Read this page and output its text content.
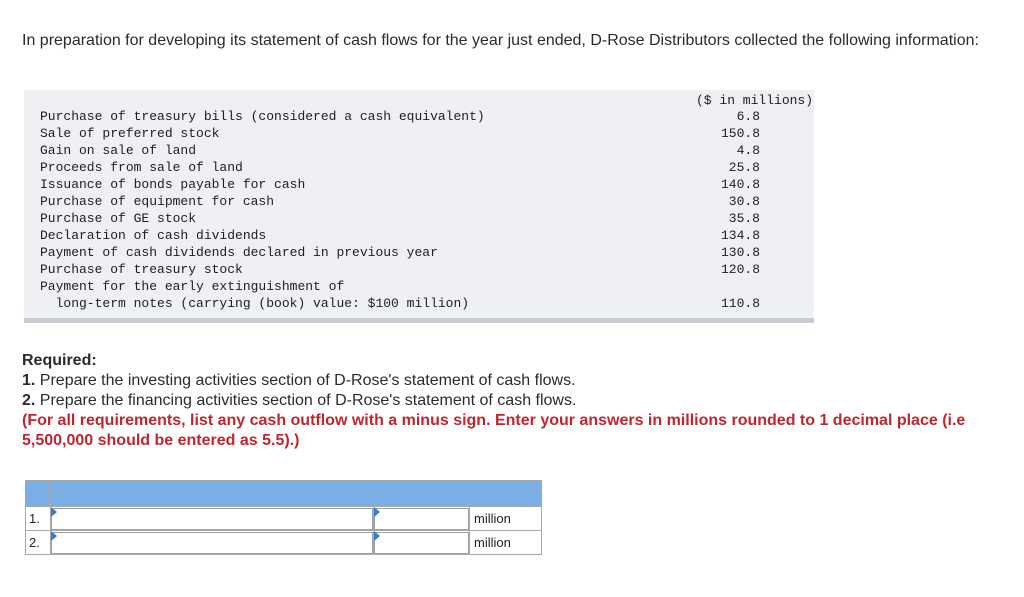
In preparation for developing its statement of cash flows for the year just ended, D-Rose Distributors collected the following information:
($ in millions)
Purchase of treasury bills (considered a cash equivalent)	6.8
Sale of preferred stock	150.8
Gain on sale of land	4.8
Proceeds from sale of land	25.8
Issuance of bonds payable for cash	140.8
Purchase of equipment for cash	30.8
Purchase of GE stock	35.8
Declaration of cash dividends	134.8
Payment of cash dividends declared in previous year	130.8
Purchase of treasury stock	120.8
Payment for the early extinguishment of
long-term notes (carrying (book) value: $100 million)	110.8
Required:
1. Prepare the investing activities section of D-Rose's statement of cash flows.
2. Prepare the financing activities section of D-Rose's statement of cash flows.
(For all requirements, list any cash outflow with a minus sign. Enter your answers in millions rounded to 1 decimal place (i.e 5,500,000 should be entered as 5.5).)

1.			million
2.			million
